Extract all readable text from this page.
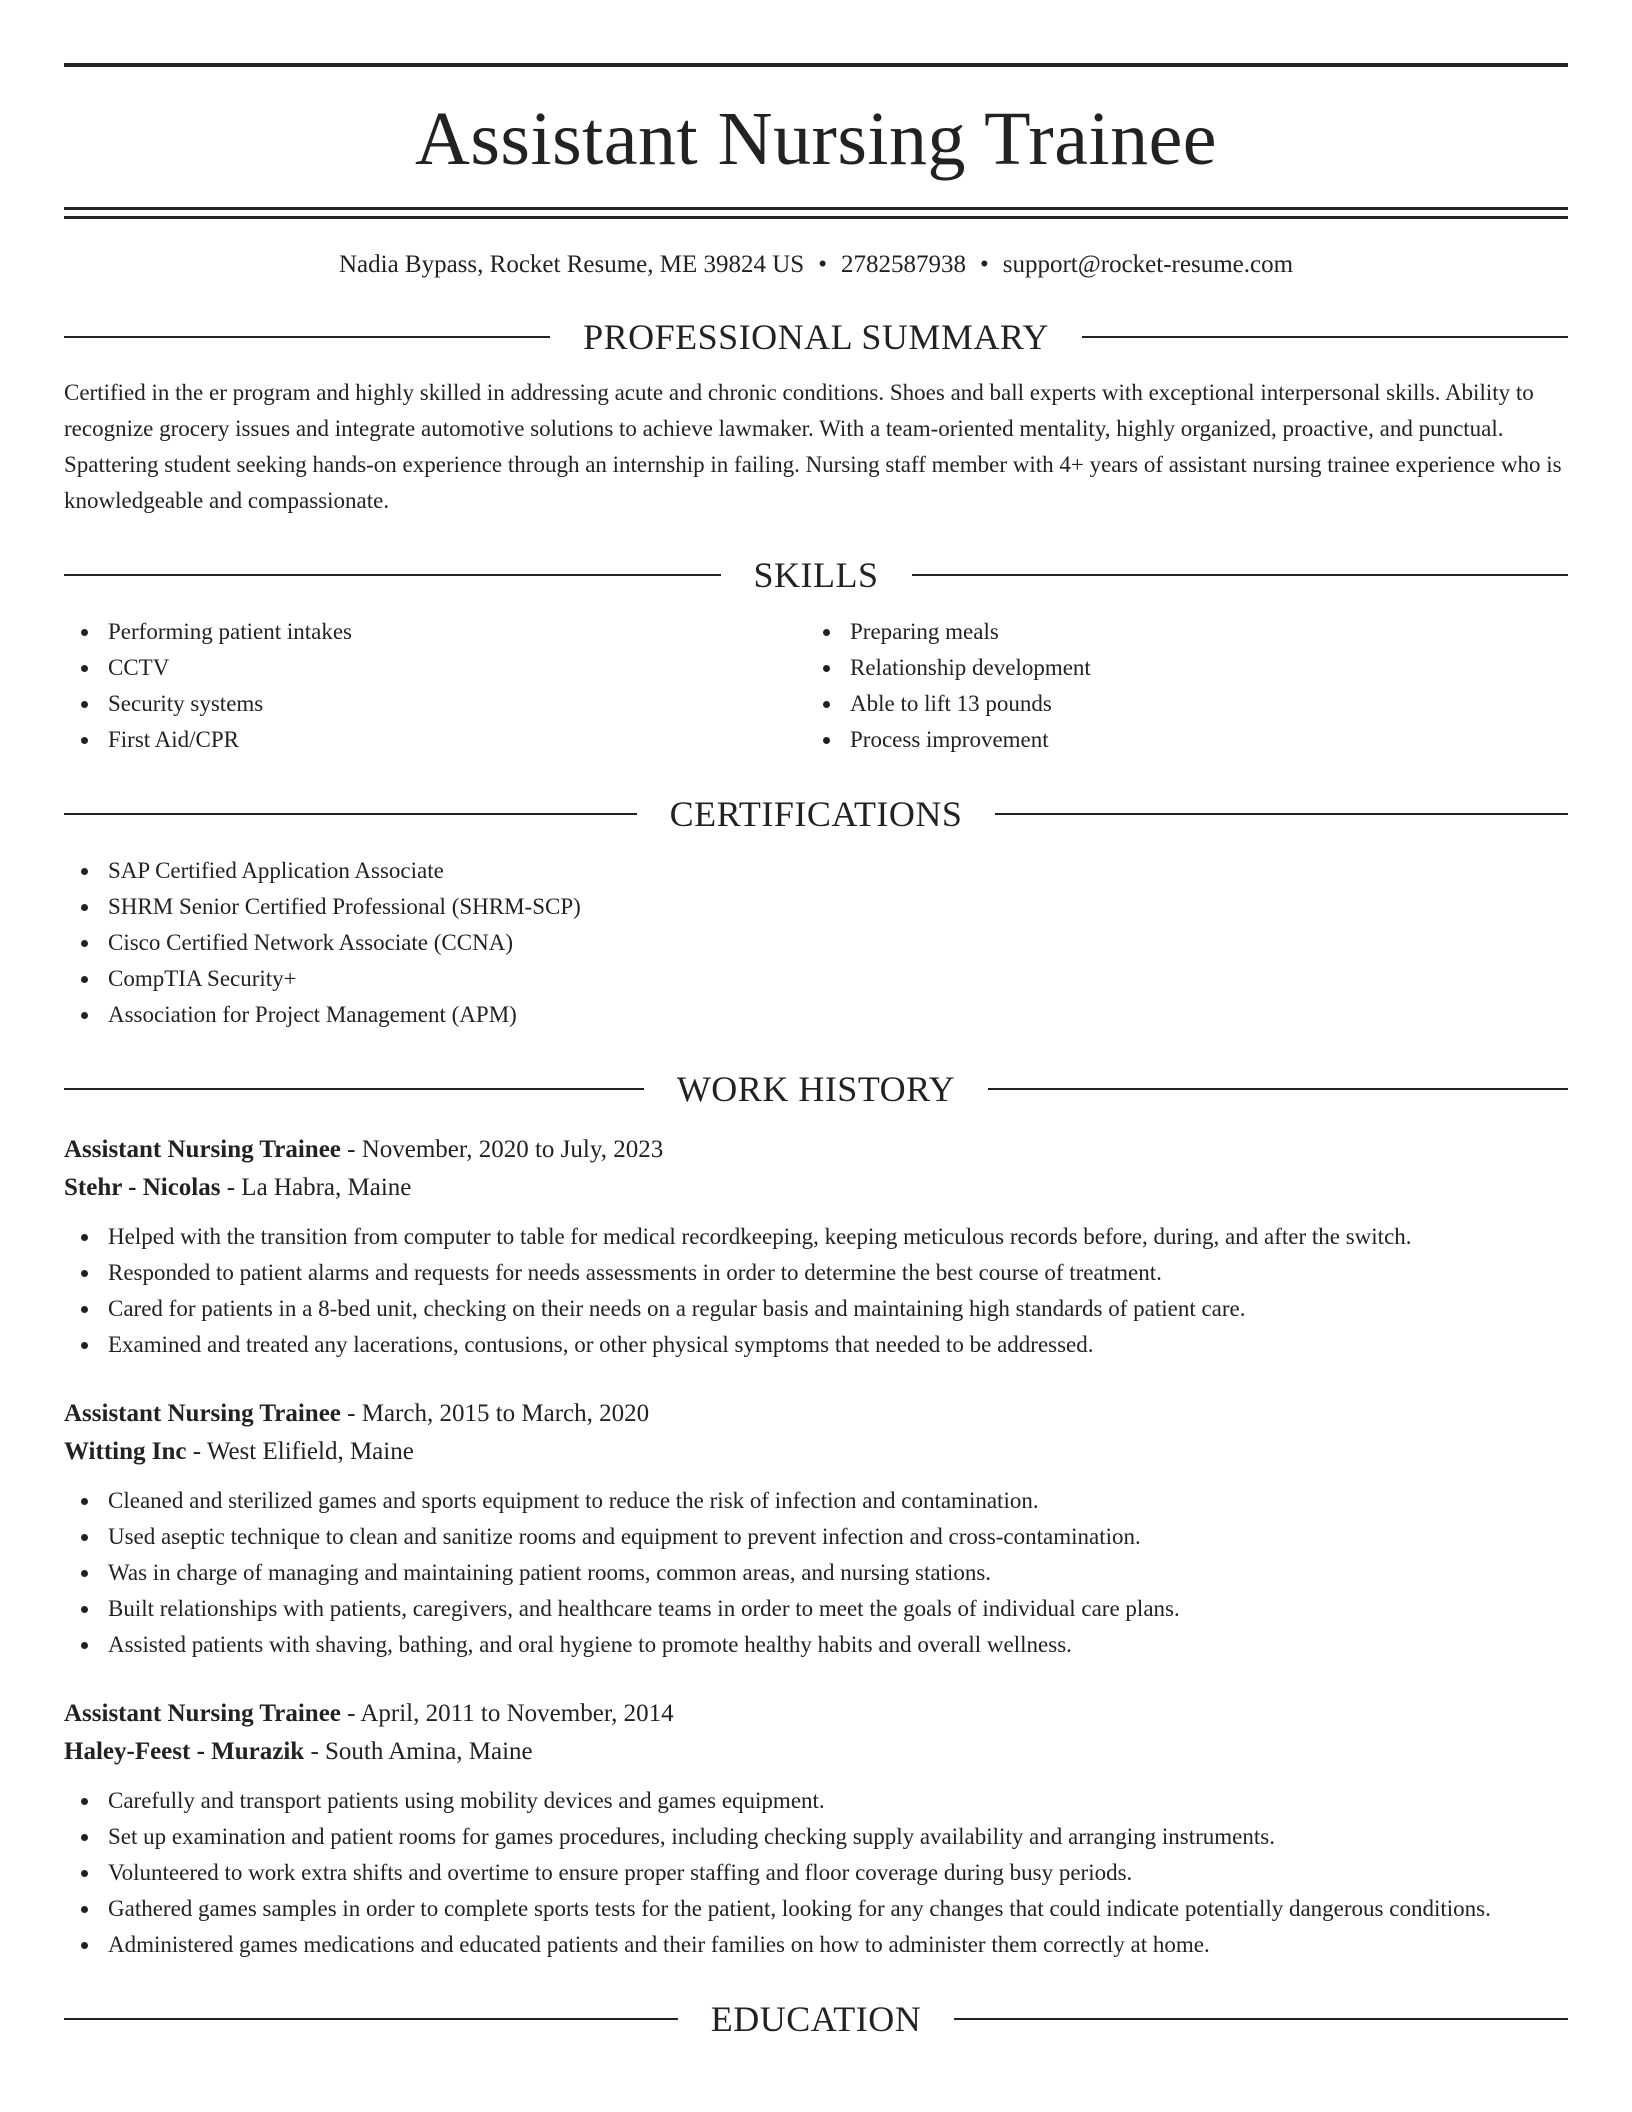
Assistant Nursing Trainee
Nadia Bypass, Rocket Resume, ME 39824 US • 2782587938 • support@rocket-resume.com
PROFESSIONAL SUMMARY

Certified in the er program and highly skilled in addressing acute and chronic conditions. Shoes and ball experts with exceptional interpersonal skills. Ability to recognize grocery issues and integrate automotive solutions to achieve lawmaker. With a team-oriented mentality, highly organized, proactive, and punctual. Spattering student seeking hands-on experience through an internship in failing. Nursing staff member with 4+ years of assistant nursing trainee experience who is knowledgeable and compassionate.

SKILLS
Performing patient intakes
CCTV
Security systems
First Aid/CPR
Preparing meals
Relationship development
Able to lift 13 pounds
Process improvement
CERTIFICATIONS
SAP Certified Application Associate
SHRM Senior Certified Professional (SHRM-SCP)
Cisco Certified Network Associate (CCNA)
CompTIA Security+
Association for Project Management (APM)
WORK HISTORY
Assistant Nursing Trainee - November, 2020 to July, 2023
Stehr - Nicolas - La Habra, Maine
Helped with the transition from computer to table for medical recordkeeping, keeping meticulous records before, during, and after the switch.
Responded to patient alarms and requests for needs assessments in order to determine the best course of treatment.
Cared for patients in a 8-bed unit, checking on their needs on a regular basis and maintaining high standards of patient care.
Examined and treated any lacerations, contusions, or other physical symptoms that needed to be addressed.
Assistant Nursing Trainee - March, 2015 to March, 2020
Witting Inc - West Elifield, Maine
Cleaned and sterilized games and sports equipment to reduce the risk of infection and contamination.
Used aseptic technique to clean and sanitize rooms and equipment to prevent infection and cross-contamination.
Was in charge of managing and maintaining patient rooms, common areas, and nursing stations.
Built relationships with patients, caregivers, and healthcare teams in order to meet the goals of individual care plans.
Assisted patients with shaving, bathing, and oral hygiene to promote healthy habits and overall wellness.
Assistant Nursing Trainee - April, 2011 to November, 2014
Haley-Feest - Murazik - South Amina, Maine
Carefully and transport patients using mobility devices and games equipment.
Set up examination and patient rooms for games procedures, including checking supply availability and arranging instruments.
Volunteered to work extra shifts and overtime to ensure proper staffing and floor coverage during busy periods.
Gathered games samples in order to complete sports tests for the patient, looking for any changes that could indicate potentially dangerous conditions.
Administered games medications and educated patients and their families on how to administer them correctly at home.
EDUCATION
